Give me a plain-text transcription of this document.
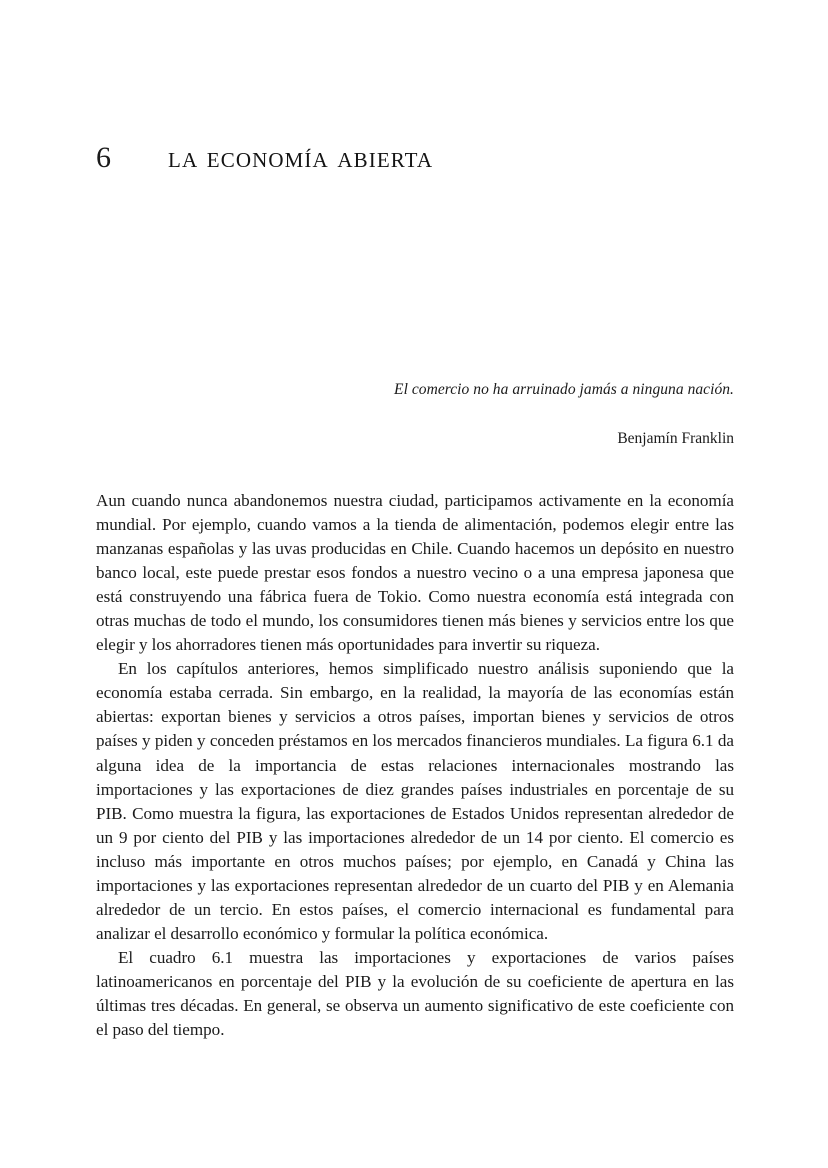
6	la economía abierta
El comercio no ha arruinado jamás a ninguna nación.
Benjamín Franklin

Aun cuando nunca abandonemos nuestra ciudad, participamos activamente en la economía mundial. Por ejemplo, cuando vamos a la tienda de alimentación, podemos elegir entre las manzanas españolas y las uvas producidas en Chile. Cuando hacemos un depósito en nuestro banco local, este puede prestar esos fondos a nuestro vecino o a una empresa japonesa que está construyendo una fábrica fuera de Tokio. Como nuestra economía está integrada con otras muchas de todo el mundo, los consumidores tienen más bienes y servicios entre los que elegir y los ahorradores tienen más oportunidades para invertir su riqueza.

En los capítulos anteriores, hemos simplificado nuestro análisis suponiendo que la economía estaba cerrada. Sin embargo, en la realidad, la mayoría de las economías están abiertas: exportan bienes y servicios a otros países, importan bienes y servicios de otros países y piden y conceden préstamos en los mercados financieros mundiales. La figura 6.1 da alguna idea de la importancia de estas relaciones internacionales mostrando las importaciones y las exportaciones de diez grandes países industriales en porcentaje de su PIB. Como muestra la figura, las exportaciones de Estados Unidos representan alrededor de un 9 por ciento del PIB y las importaciones alrededor de un 14 por ciento. El comercio es incluso más importante en otros muchos países; por ejemplo, en Canadá y China las importaciones y las exportaciones representan alrededor de un cuarto del PIB y en Alemania alrededor de un tercio. En estos países, el comercio internacional es fundamental para analizar el desarrollo económico y formular la política económica.

El cuadro 6.1 muestra las importaciones y exportaciones de varios países latinoamericanos en porcentaje del PIB y la evolución de su coeficiente de apertura en las últimas tres décadas. En general, se observa un aumento significativo de este coeficiente con el paso del tiempo.
